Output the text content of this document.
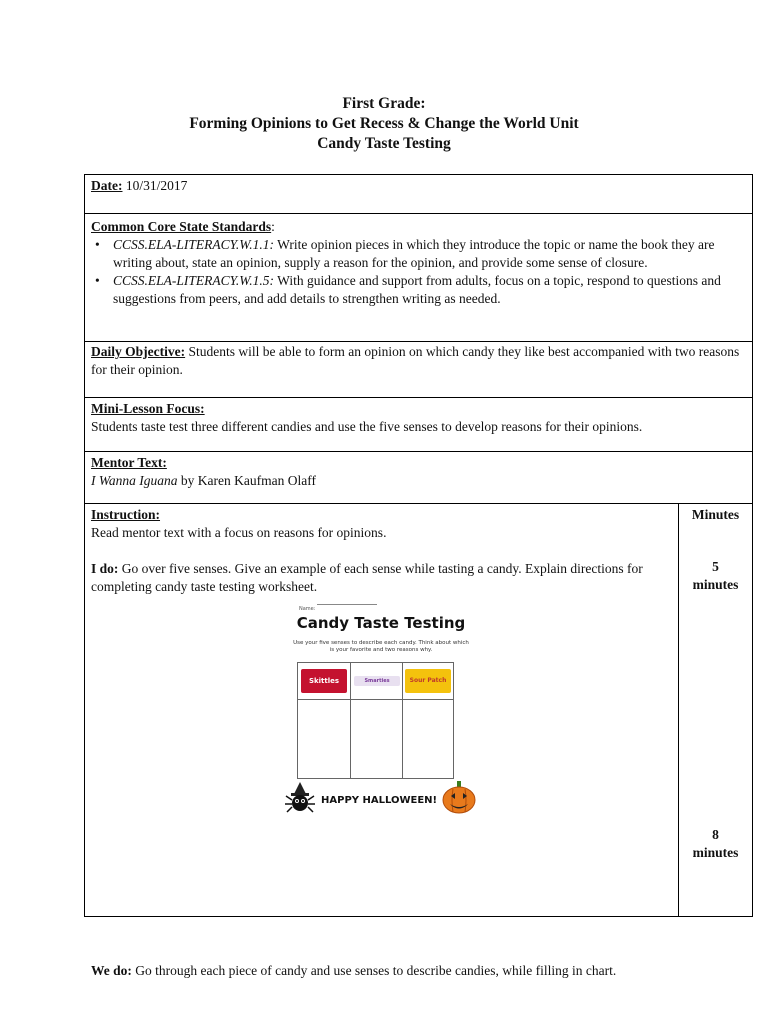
First Grade:
Forming Opinions to Get Recess & Change the World Unit
Candy Taste Testing
Date: 10/31/2017
Common Core State Standards:
• CCSS.ELA-LITERACY.W.1.1: Write opinion pieces in which they introduce the topic or name the book they are writing about, state an opinion, supply a reason for the opinion, and provide some sense of closure.
• CCSS.ELA-LITERACY.W.1.5: With guidance and support from adults, focus on a topic, respond to questions and suggestions from peers, and add details to strengthen writing as needed.
Daily Objective: Students will be able to form an opinion on which candy they like best accompanied with two reasons for their opinion.
Mini-Lesson Focus:
Students taste test three different candies and use the five senses to develop reasons for their opinions.
Mentor Text:
I Wanna Iguana by Karen Kaufman Olaff
Instruction:
Read mentor text with a focus on reasons for opinions.
I do: Go over five senses. Give an example of each sense while tasting a candy. Explain directions for completing candy taste testing worksheet.
Name:
Candy Taste Testing
Use your five senses to describe each candy. Think about which is your favorite and two reasons why.
Skittles	Smarties	Sour Patch
HAPPY HALLOWEEN!
We do: Go through each piece of candy and use senses to describe candies, while filling in chart.
Minutes
5
minutes
8
minutes
